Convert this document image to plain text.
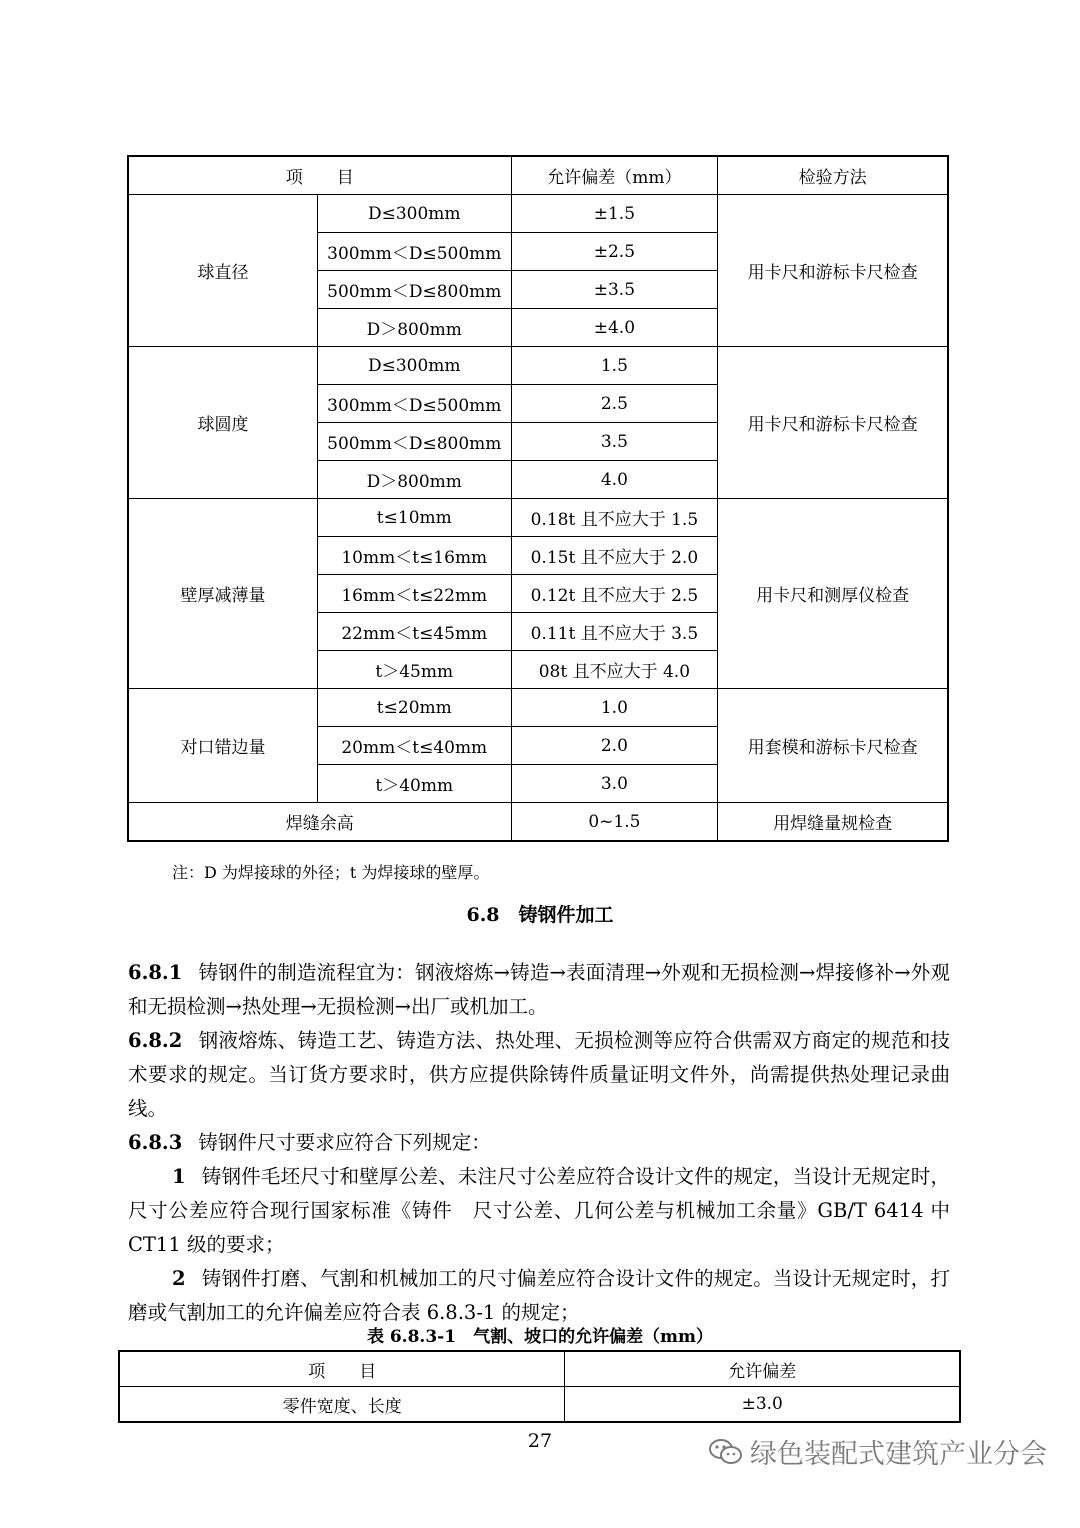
项　　目		允许偏差（mm）	检验方法
球直径	D≤300mm	±1.5	用卡尺和游标卡尺检查
	300mm＜D≤500mm	±2.5	
	500mm＜D≤800mm	±3.5	
	D＞800mm	±4.0	
球圆度	D≤300mm	1.5	用卡尺和游标卡尺检查
	300mm＜D≤500mm	2.5	
	500mm＜D≤800mm	3.5	
	D＞800mm	4.0	
壁厚减薄量	t≤10mm	0.18t 且不应大于 1.5	用卡尺和测厚仪检查
	10mm＜t≤16mm	0.15t 且不应大于 2.0	
	16mm＜t≤22mm	0.12t 且不应大于 2.5	
	22mm＜t≤45mm	0.11t 且不应大于 3.5	
	t＞45mm	08t 且不应大于 4.0	
对口错边量	t≤20mm	1.0	用套模和游标卡尺检查
	20mm＜t≤40mm	2.0	
	t＞40mm	3.0	
焊缝余高		0~1.5	用焊缝量规检查
注：D 为焊接球的外径；t 为焊接球的壁厚。
6.8　铸钢件加工
6.8.1 铸钢件的制造流程宜为：钢液熔炼→铸造→表面清理→外观和无损检测→焊接修补→外观和无损检测→热处理→无损检测→出厂或机加工。
6.8.2 钢液熔炼、铸造工艺、铸造方法、热处理、无损检测等应符合供需双方商定的规范和技术要求的规定。当订货方要求时，供方应提供除铸件质量证明文件外，尚需提供热处理记录曲线。
6.8.3 铸钢件尺寸要求应符合下列规定：
1 铸钢件毛坯尺寸和壁厚公差、未注尺寸公差应符合设计文件的规定，当设计无规定时，尺寸公差应符合现行国家标准《铸件　尺寸公差、几何公差与机械加工余量》GB/T 6414 中 CT11 级的要求；
2 铸钢件打磨、气割和机械加工的尺寸偏差应符合设计文件的规定。当设计无规定时，打磨或气割加工的允许偏差应符合表 6.8.3-1 的规定；
表 6.8.3-1　气割、坡口的允许偏差（mm）
项　　目	允许偏差
零件宽度、长度	±3.0
27	绿色装配式建筑产业分会
